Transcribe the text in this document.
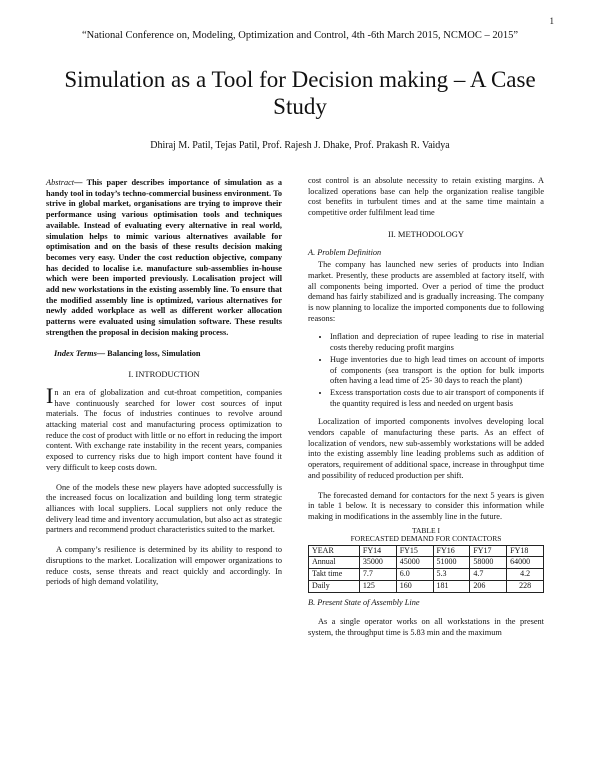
1
“National Conference on, Modeling, Optimization and Control, 4th -6th March 2015, NCMOC – 2015”
Simulation as a Tool for Decision making – A Case Study
Dhiraj M. Patil, Tejas Patil, Prof. Rajesh J. Dhake, Prof. Prakash R. Vaidya

Abstract— This paper describes importance of simulation as a handy tool in today’s techno-commercial business environment. To strive in global market, organisations are trying to improve their performance using various optimisation tools and techniques available. Instead of evaluating every alternative in real world, simulation helps to mimic various alternatives available for optimisation and on the basis of these results decision making becomes very easy. Under the cost reduction objective, company has decided to localise i.e. manufacture sub-assemblies in-house which were been imported previously. Localisation project will add new workstations in the existing assembly line. To ensure that the modified assembly line is optimized, various alternatives for newly added workplace as well as different worker allocation patterns were evaluated using simulation software. These results strengthen the proposal in decision making process.

Index Terms— Balancing loss, Simulation

I. INTRODUCTION

In an era of globalization and cut-throat competition, companies have continuously searched for lower cost sources of input materials. The focus of industries continues to revolve around attacking material cost and manufacturing process optimization to reduce the cost of product with little or no effort in reducing the import content. With exchange rate instability in the recent years, companies exposed to currency risks due to high import content have found it very difficult to keep costs down.

One of the models these new players have adopted successfully is the increased focus on localization and building long term strategic alliances with local suppliers. Local suppliers not only reduce the delivery lead time and inventory accumulation, but also act as strategic partners and recommend product characteristics suited to the market.

A company’s resilience is determined by its ability to respond to disruptions to the market. Localization will empower organizations to reduce costs, sense threats and react quickly and accordingly. In periods of high demand volatility,

cost control is an absolute necessity to retain existing margins. A localized operations base can help the organization realise tangible cost benefits in turbulent times and at the same time maintain a competitive order fulfilment lead time

II. METHODOLOGY
A. Problem Definition

The company has launched new series of products into Indian market. Presently, these products are assembled at factory itself, with all components being imported. Over a period of time the product demand has fairly stabilized and is gradually increasing. The company is now planning to localize the imported components due to following reasons:

• Inflation and depreciation of rupee leading to rise in material costs thereby reducing profit margins
• Huge inventories due to high lead times on account of imports of components (sea transport is the option for bulk imports often having a lead time of 25- 30 days to reach the plant)
• Excess transportation costs due to air transport of components if the quantity required is less and needed on urgent basis

Localization of imported components involves developing local vendors capable of manufacturing these parts. As an effect of localization of vendors, new sub-assembly workstations will be added into the existing assembly line leading problems such as addition of operators, requirement of additional space, increase in throughput time and possibility of reduced production per shift.

The forecasted demand for contactors for the next 5 years is given in table 1 below. It is necessary to consider this information while making in modifications in the assembly line in the future.

TABLE I
FORECASTED DEMAND FOR CONTACTORS
YEAR	FY14	FY15	FY16	FY17	FY18
Annual	35000	45000	51000	58000	64000
Takt time	7.7	6.0	5.3	4.7	4.2
Daily	125	160	181	206	228
B. Present State of Assembly Line

As a single operator works on all workstations in the present system, the throughput time is 5.83 min and the maximum
